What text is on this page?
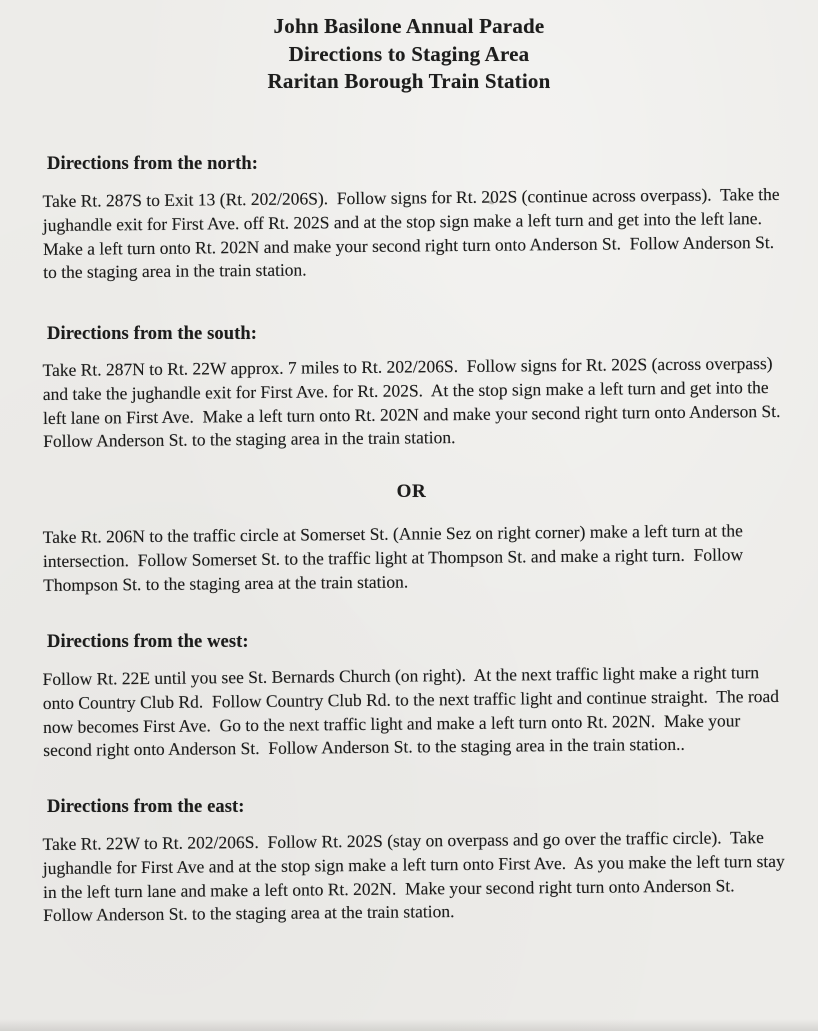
John Basilone Annual Parade
Directions to Staging Area
Raritan Borough Train Station
Directions from the north:

Take Rt. 287S to Exit 13 (Rt. 202/206S).  Follow signs for Rt. 202S (continue across overpass).  Take the jughandle exit for First Ave. off Rt. 202S and at the stop sign make a left turn and get into the left lane.  Make a left turn onto Rt. 202N and make your second right turn onto Anderson St.  Follow Anderson St. to the staging area in the train station.

Directions from the south:

Take Rt. 287N to Rt. 22W approx. 7 miles to Rt. 202/206S.  Follow signs for Rt. 202S (across overpass) and take the jughandle exit for First Ave. for Rt. 202S.  At the stop sign make a left turn and get into the left lane on First Ave.  Make a left turn onto Rt. 202N and make your second right turn onto Anderson St.  Follow Anderson St. to the staging area in the train station.

OR

Take Rt. 206N to the traffic circle at Somerset St. (Annie Sez on right corner) make a left turn at the intersection.  Follow Somerset St. to the traffic light at Thompson St. and make a right turn.  Follow Thompson St. to the staging area at the train station.

Directions from the west:

Follow Rt. 22E until you see St. Bernards Church (on right).  At the next traffic light make a right turn onto Country Club Rd.  Follow Country Club Rd. to the next traffic light and continue straight.  The road now becomes First Ave.  Go to the next traffic light and make a left turn onto Rt. 202N.  Make your second right onto Anderson St.  Follow Anderson St. to the staging area in the train station..

Directions from the east:

Take Rt. 22W to Rt. 202/206S.  Follow Rt. 202S (stay on overpass and go over the traffic circle).  Take jughandle for First Ave and at the stop sign make a left turn onto First Ave.  As you make the left turn stay in the left turn lane and make a left onto Rt. 202N.  Make your second right turn onto Anderson St.  Follow Anderson St. to the staging area at the train station.
